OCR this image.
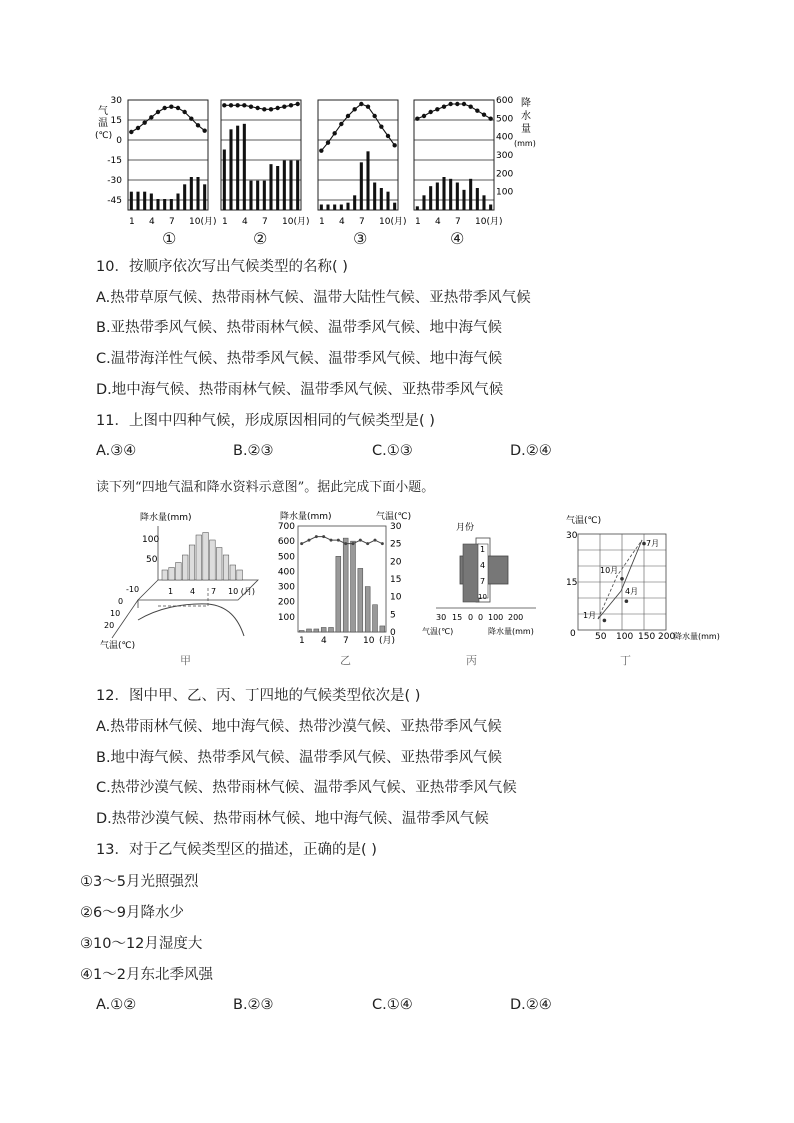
气
温
(℃)
30
15
0
-15
-30
-45
600
500
400
300
200
100
降
水
量
(mm)
1 4 7 10(月) 1 4 7 10(月) 1 4 7 10(月) 1 4 7 10(月)
①	②	③	④
10．按顺序依次写出气候类型的名称( )
A.热带草原气候、热带雨林气候、温带大陆性气候、亚热带季风气候
B.亚热带季风气候、热带雨林气候、温带季风气候、地中海气候
C.温带海洋性气候、热带季风气候、温带季风气候、地中海气候
D.地中海气候、热带雨林气候、温带季风气候、亚热带季风气候
11．上图中四种气候，形成原因相同的气候类型是( )
A.③④	B.②③	C.①③	D.②④
读下列“四地气温和降水资料示意图”。据此完成下面小题。
降水量(mm)
100
50
1 4 7 10 (月)
-10
0
10
20
气温(℃)
甲
降水量(mm)	气温(℃)
700
600
500
400
300
200
100
30
25
20
15
10
5
0
1 4 7 10 (月)
乙
月份
1
4
7
10
30 15 0 0 100 200
气温(℃)	降水量(mm)
丙
气温(℃)
30
15
0 50 100 150 200
降水量(mm)
1月
4月
7月
10月
丁
12．图中甲、乙、丙、丁四地的气候类型依次是( )
A.热带雨林气候、地中海气候、热带沙漠气候、亚热带季风气候
B.地中海气候、热带季风气候、温带季风气候、亚热带季风气候
C.热带沙漠气候、热带雨林气候、温带季风气候、亚热带季风气候
D.热带沙漠气候、热带雨林气候、地中海气候、温带季风气候
13．对于乙气候类型区的描述，正确的是( )
①3～5月光照强烈
②6～9月降水少
③10～12月湿度大
④1～2月东北季风强
A.①②	B.②③	C.①④	D.②④
